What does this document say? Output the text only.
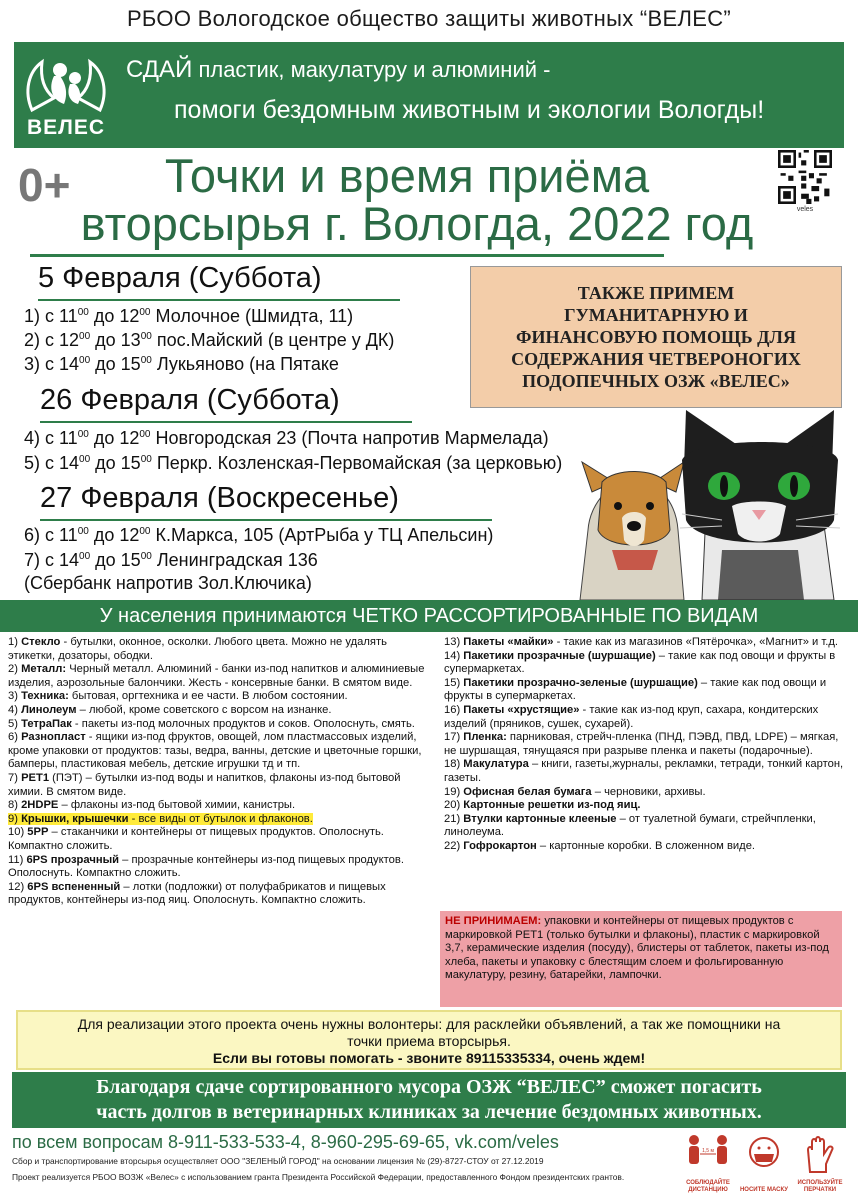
РБОО Вологодское общество защиты животных “ВЕЛЕС”
ВЕЛЕС
СДАЙ пластик, макулатуру и алюминий -
помоги бездомным животным и экологии Вологды!
0+	Точки и время приёма
вторсырья г. Вологда, 2022 год	veles
5 Февраля (Суббота)
1) с $11^{00}$ до $12^{00}$ Молочное (Шмидта, 11)
2) с $12^{00}$ до $13^{00}$ пос.Майский (в центре у ДК)
3) с $14^{00}$ до $15^{00}$ Лукьяново (на Пятаке
26 Февраля (Суббота)
4) с $11^{00}$ до $12^{00}$ Новгородская 23 (Почта напротив Мармелада)
5) с $14^{00}$ до $15^{00}$ Перкр. Козленская-Первомайская (за церковью)
27 Февраля (Воскресенье)
6) с $11^{00}$ до $12^{00}$ К.Маркса, 105 (АртРыба у ТЦ Апельсин)
7) с $14^{00}$ до $15^{00}$ Ленинградская 136
(Сбербанк напротив Зол.Ключика)
ТАКЖЕ ПРИМЕМ
ГУМАНИТАРНУЮ И
ФИНАНСОВУЮ ПОМОЩЬ ДЛЯ
СОДЕРЖАНИЯ ЧЕТВЕРОНОГИХ
ПОДОПЕЧНЫХ ОЗЖ «ВЕЛЕС»
У населения принимаются ЧЕТКО РАССОРТИРОВАННЫЕ ПО ВИДАМ
1) Стекло - бутылки, оконное, осколки. Любого цвета. Можно не удалять этикетки, дозаторы, ободки.
2) Металл: Черный металл. Алюминий - банки из-под напитков и алюминиевые изделия, аэрозольные балончики. Жесть - консервные банки. В смятом виде.
3) Техника: бытовая, оргтехника и ее части. В любом состоянии.
4) Линолеум – любой, кроме советского с ворсом на изнанке.
5) ТетраПак - пакеты из-под молочных продуктов и соков. Ополоснуть, смять.
6) Разнопласт - ящики из-под фруктов, овощей, лом пластмассовых изделий, кроме упаковки от продуктов: тазы, ведра, ванны, детские и цветочные горшки, бамперы, пластиковая мебель, детские игрушки тд и тп.
7) PET1 (ПЭТ) – бутылки из-под воды и напитков, флаконы из-под бытовой химии. В смятом виде.
8) 2HDPE – флаконы из-под бытовой химии, канистры.
9) Крышки, крышечки - все виды от бутылок и флаконов.
10) 5PP – стаканчики и контейнеры от пищевых продуктов. Ополоснуть. Компактно сложить.
11) 6PS прозрачный – прозрачные контейнеры из-под пищевых продуктов. Ополоснуть. Компактно сложить.
12) 6PS вспененный – лотки (подложки) от полуфабрикатов и пищевых продуктов, контейнеры из-под яиц. Ополоснуть. Компактно сложить.
13) Пакеты «майки» - такие как из магазинов «Пятёрочка», «Магнит» и т.д.
14) Пакетики прозрачные (шуршащие) – такие как под овощи и фрукты в супермаркетах.
15) Пакетики прозрачно-зеленые (шуршащие) – такие как под овощи и фрукты в супермаркетах.
16) Пакеты «хрустящие» - такие как из-под круп, сахара, кондитерских изделий (пряников, сушек, сухарей).
17) Пленка: парниковая, стрейч-пленка (ПНД, ПЭВД, ПВД, LDPE) – мягкая, не шуршащая, тянущаяся при разрыве пленка и пакеты (подарочные).
18) Макулатура – книги, газеты,журналы, рекламки, тетради, тонкий картон, газеты.
19) Офисная белая бумага – черновики, архивы.
20) Картонные решетки из-под яиц.
21) Втулки картонные клееные – от туалетной бумаги, стрейчпленки, линолеума.
22) Гофрокартон – картонные коробки. В сложенном виде.
НЕ ПРИНИМАЕМ: упаковки и контейнеры от пищевых продуктов с маркировкой PET1 (только бутылки и флаконы), пластик с маркировкой 3,7, керамические изделия (посуду), блистеры от таблеток, пакеты из-под хлеба, пакеты и упаковку с блестящим слоем и фольгированную макулатуру, резину, батарейки, лампочки.
Для реализации этого проекта очень нужны волонтеры: для расклейки объявлений, а так же помощники на
точки приема вторсырья.
Если вы готовы помогать - звоните 89115335334, очень ждем!
Благодаря сдаче сортированного мусора ОЗЖ “ВЕЛЕС” сможет погасить
часть долгов в ветеринарных клиниках за лечение бездомных животных.
по всем вопросам 8-911-533-533-4, 8-960-295-69-65, vk.com/veles
Сбор и транспортирование вторсырья осуществляет ООО "ЗЕЛЕНЫЙ ГОРОД" на основании лицензия № (29)-8727-СТОУ от 27.12.2019
Проект реализуется РБОО ВОЗЖ «Велес» с использованием гранта Президента Российской Федерации, предоставленного Фондом президентских грантов.
1,5 м
СОБЛЮДАЙТЕ ДИСТАНЦИЮ	НОСИТЕ МАСКУ
ИСПОЛЬЗУЙТЕ ПЕРЧАТКИ
